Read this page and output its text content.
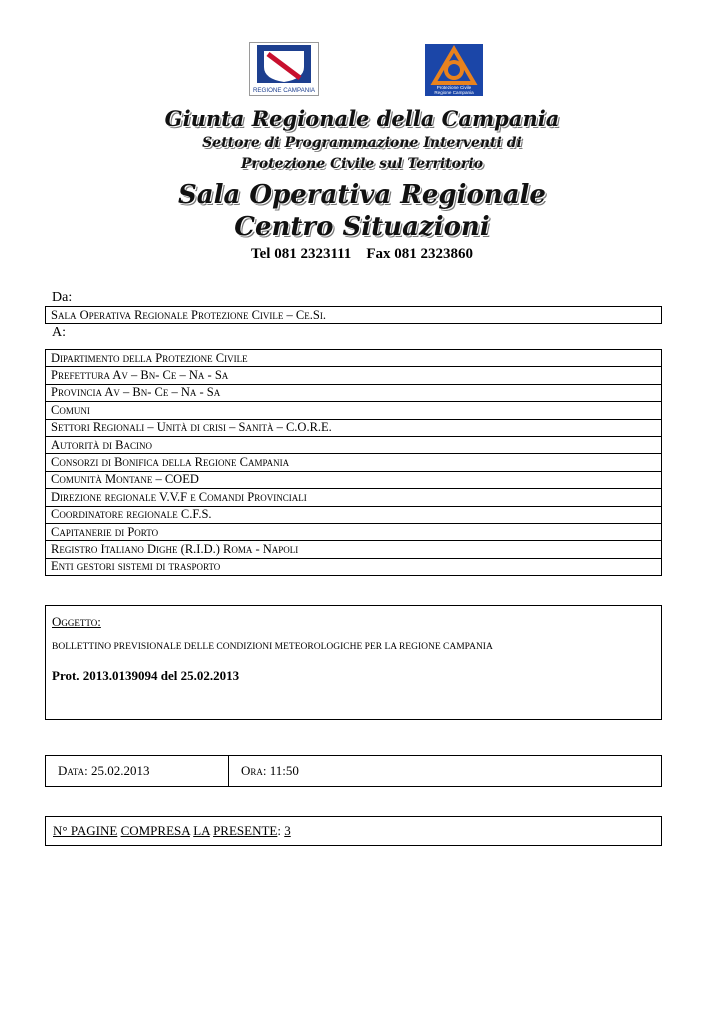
REGIONE CAMPANIA	Protezione Civile
Regione Campania
Giunta Regionale della Campania
Settore di Programmazione Interventi di
Protezione Civile sul Territorio
Sala Operativa Regionale
Centro Situazioni
Tel 081 2323111 Fax 081 2323860
Da:
Sala Operativa Regionale Protezione Civile – Ce.Si.
A:
Dipartimento della Protezione Civile
Prefettura Av – Bn- Ce – Na - Sa
Provincia Av – Bn- Ce – Na - Sa
Comuni
Settori Regionali – Unità di crisi – Sanità – C.O.R.E.
Autorità di Bacino
Consorzi di Bonifica della Regione Campania
Comunità Montane – COED
Direzione regionale V.V.F e Comandi Provinciali
Coordinatore regionale C.F.S.
Capitanerie di Porto
Registro Italiano Dighe (R.I.D.) Roma - Napoli
Enti gestori sistemi di trasporto
Oggetto:
BOLLETTINO PREVISIONALE DELLE CONDIZIONI METEOROLOGICHE PER LA REGIONE CAMPANIA
Prot. 2013.0139094 del 25.02.2013
Data: 25.02.2013	Ora: 11:50
N° PAGINE COMPRESA LA PRESENTE: 3
